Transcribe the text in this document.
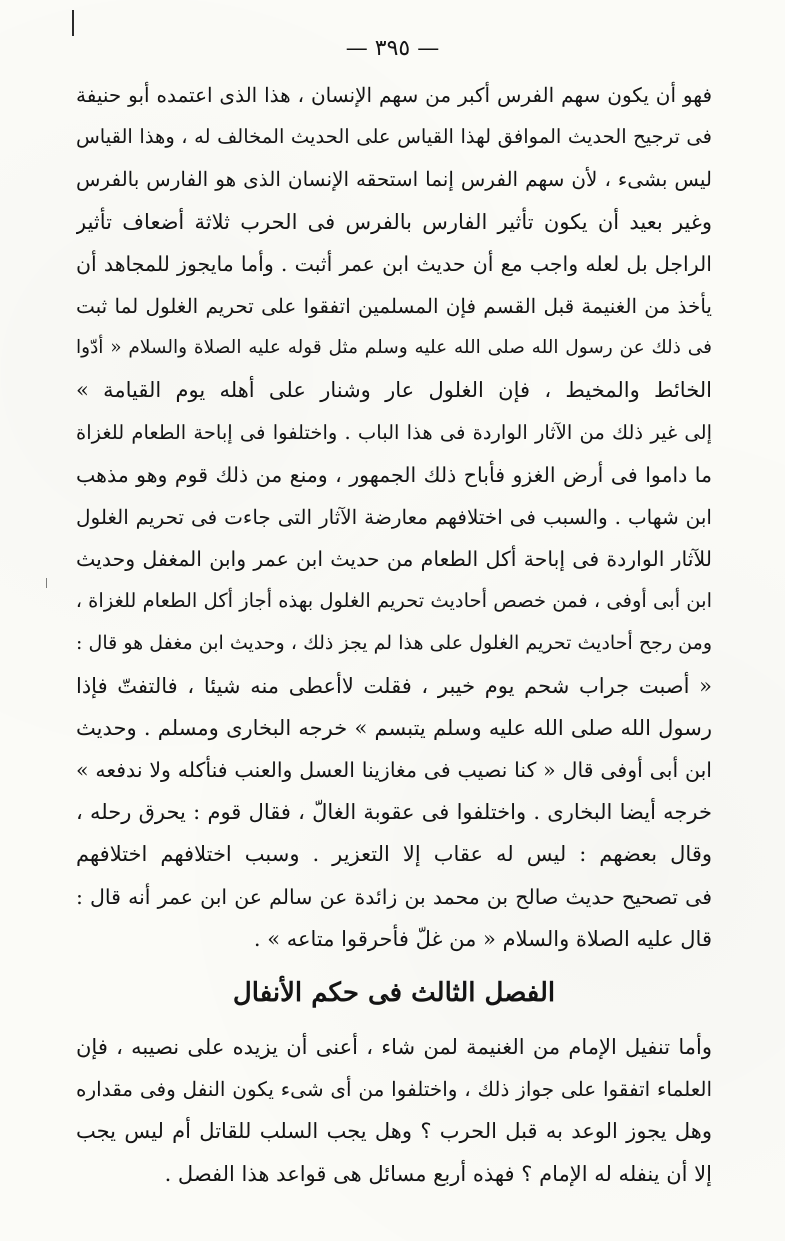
— ٣٩٥ —
فهو أن يكون سهم الفرس أكبر من سهم الإنسان ، هذا الذى اعتمده أبو حنيفة
فى ترجيح الحديث الموافق لهذا القياس على الحديث المخالف له ، وهذا القياس
ليس بشىء ، لأن سهم الفرس إنما استحقه الإنسان الذى هو الفارس بالفرس
وغير بعيد أن يكون تأثير الفارس بالفرس فى الحرب ثلاثة أضعاف تأثير
الراجل بل لعله واجب مع أن حديث ابن عمر أثبت . وأما مايجوز للمجاهد أن
يأخذ من الغنيمة قبل القسم فإن المسلمين اتفقوا على تحريم الغلول لما ثبت
فى ذلك عن رسول الله صلى الله عليه وسلم مثل قوله عليه الصلاة والسلام « أدّوا
الخائط والمخيط ، فإن الغلول عار وشنار على أهله يوم القيامة »
إلى غير ذلك من الآثار الواردة فى هذا الباب . واختلفوا فى إباحة الطعام للغزاة
ما داموا فى أرض الغزو فأباح ذلك الجمهور ، ومنع من ذلك قوم وهو مذهب
ابن شهاب . والسبب فى اختلافهم معارضة الآثار التى جاءت فى تحريم الغلول
للآثار الواردة فى إباحة أكل الطعام من حديث ابن عمر وابن المغفل وحديث
ابن أبى أوفى ، فمن خصص أحاديث تحريم الغلول بهذه أجاز أكل الطعام للغزاة ،
ومن رجح أحاديث تحريم الغلول على هذا لم يجز ذلك ، وحديث ابن مغفل هو قال :
« أصبت جراب شحم يوم خيبر ، فقلت لاأعطى منه شيئا ، فالتفتّ فإذا
رسول الله صلى الله عليه وسلم يتبسم » خرجه البخارى ومسلم . وحديث
ابن أبى أوفى قال « كنا نصيب فى مغازينا العسل والعنب فنأكله ولا ندفعه »
خرجه أيضا البخارى . واختلفوا فى عقوبة الغالّ ، فقال قوم : يحرق رحله ،
وقال بعضهم : ليس له عقاب إلا التعزير . وسبب اختلافهم اختلافهم
فى تصحيح حديث صالح بن محمد بن زائدة عن سالم عن ابن عمر أنه قال :
قال عليه الصلاة والسلام « من غلّ فأحرقوا متاعه » .
الفصل الثالث فى حكم الأنفال
وأما تنفيل الإمام من الغنيمة لمن شاء ، أعنى أن يزيده على نصيبه ، فإن
العلماء اتفقوا على جواز ذلك ، واختلفوا من أى شىء يكون النفل وفى مقداره
وهل يجوز الوعد به قبل الحرب ؟ وهل يجب السلب للقاتل أم ليس يجب
إلا أن ينفله له الإمام ؟ فهذه أربع مسائل هى قواعد هذا الفصل .
